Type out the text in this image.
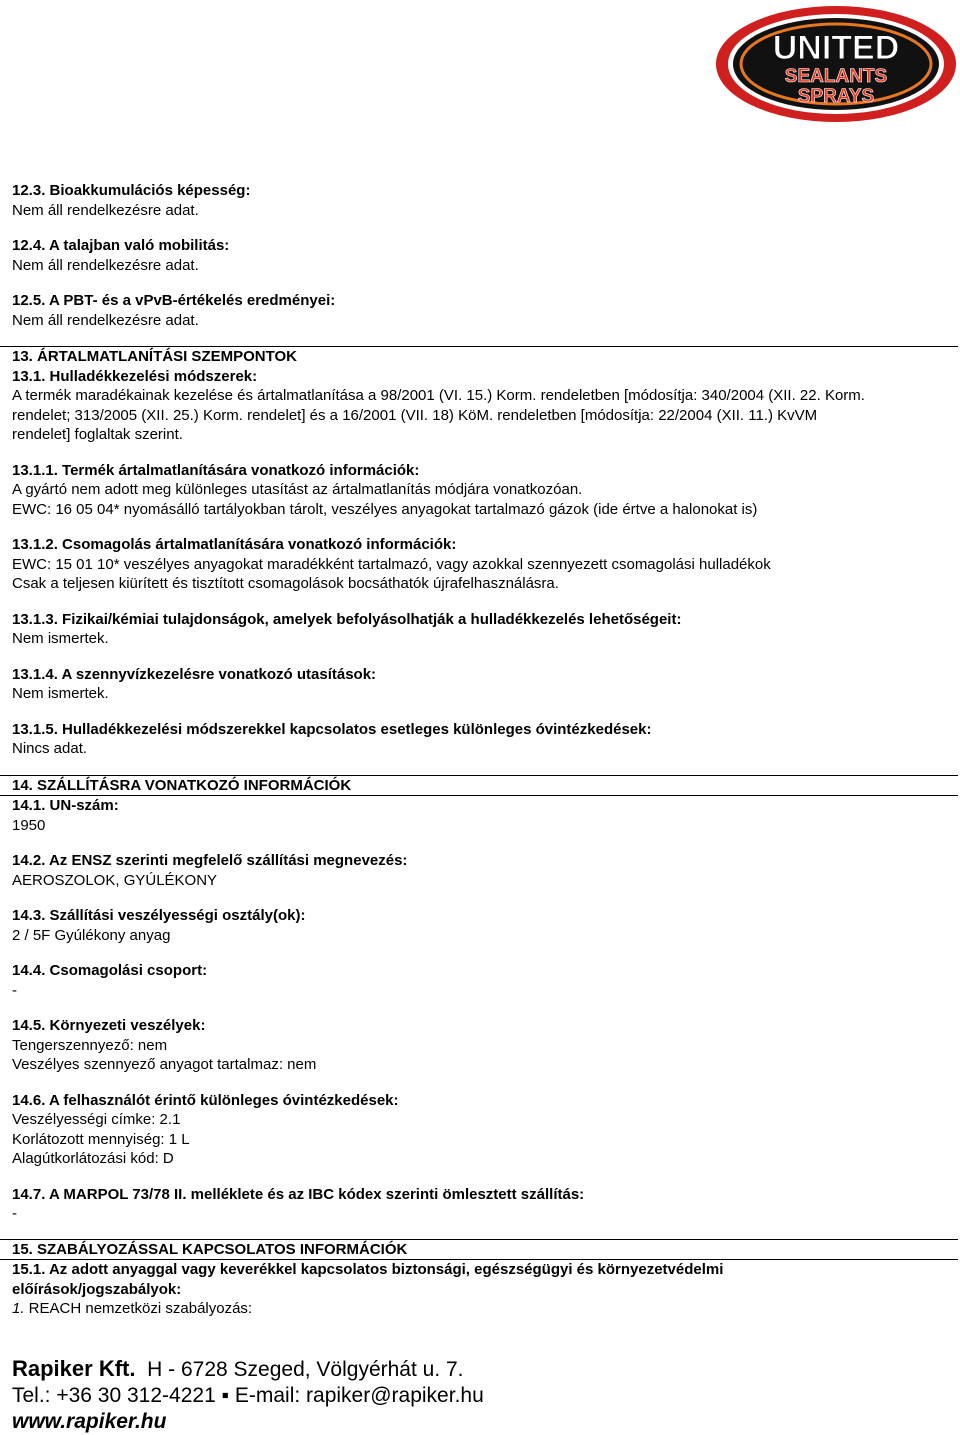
UNITED
SEALANTS
SPRAYS

12.3. Bioakkumulációs képesség:

Nem áll rendelkezésre adat.

12.4. A talajban való mobilitás:

Nem áll rendelkezésre adat.

12.5. A PBT- és a vPvB-értékelés eredményei:

Nem áll rendelkezésre adat.

13. ÁRTALMATLANÍTÁSI SZEMPONTOK

13.1. Hulladékkezelési módszerek:

A termék maradékainak kezelése és ártalmatlanítása a 98/2001 (VI. 15.) Korm. rendeletben [módosítja: 340/2004 (XII. 22. Korm.

rendelet; 313/2005 (XII. 25.) Korm. rendelet] és a 16/2001 (VII. 18) KöM. rendeletben [módosítja: 22/2004 (XII. 11.) KvVM

rendelet] foglaltak szerint.

13.1.1. Termék ártalmatlanítására vonatkozó információk:

A gyártó nem adott meg különleges utasítást az ártalmatlanítás módjára vonatkozóan.

EWC: 16 05 04* nyomásálló tartályokban tárolt, veszélyes anyagokat tartalmazó gázok (ide értve a halonokat is)

13.1.2. Csomagolás ártalmatlanítására vonatkozó információk:

EWC: 15 01 10* veszélyes anyagokat maradékként tartalmazó, vagy azokkal szennyezett csomagolási hulladékok

Csak a teljesen kiürített és tisztított csomagolások bocsáthatók újrafelhasználásra.

13.1.3. Fizikai/kémiai tulajdonságok, amelyek befolyásolhatják a hulladékkezelés lehetőségeit:

Nem ismertek.

13.1.4. A szennyvízkezelésre vonatkozó utasítások:

Nem ismertek.

13.1.5. Hulladékkezelési módszerekkel kapcsolatos esetleges különleges óvintézkedések:

Nincs adat.

14. SZÁLLÍTÁSRA VONATKOZÓ INFORMÁCIÓK

14.1. UN-szám:

1950

14.2. Az ENSZ szerinti megfelelő szállítási megnevezés:

AEROSZOLOK, GYÚLÉKONY

14.3. Szállítási veszélyességi osztály(ok):

2 / 5F Gyúlékony anyag

14.4. Csomagolási csoport:

-

14.5. Környezeti veszélyek:

Tengerszennyező: nem

Veszélyes szennyező anyagot tartalmaz: nem

14.6. A felhasználót érintő különleges óvintézkedések:

Veszélyességi címke: 2.1

Korlátozott mennyiség: 1 L

Alagútkorlátozási kód: D

14.7. A MARPOL 73/78 II. melléklete és az IBC kódex szerinti ömlesztett szállítás:

-

15. SZABÁLYOZÁSSAL KAPCSOLATOS INFORMÁCIÓK

15.1. Az adott anyaggal vagy keverékkel kapcsolatos biztonsági, egészségügyi és környezetvédelmi

előírások/jogszabályok:

1. REACH nemzetközi szabályozás:

Rapiker Kft. H - 6728 Szeged, Völgyérhát u. 7.
Tel.: +36 30 312-4221 ▪ E-mail: rapiker@rapiker.hu
www.rapiker.hu
